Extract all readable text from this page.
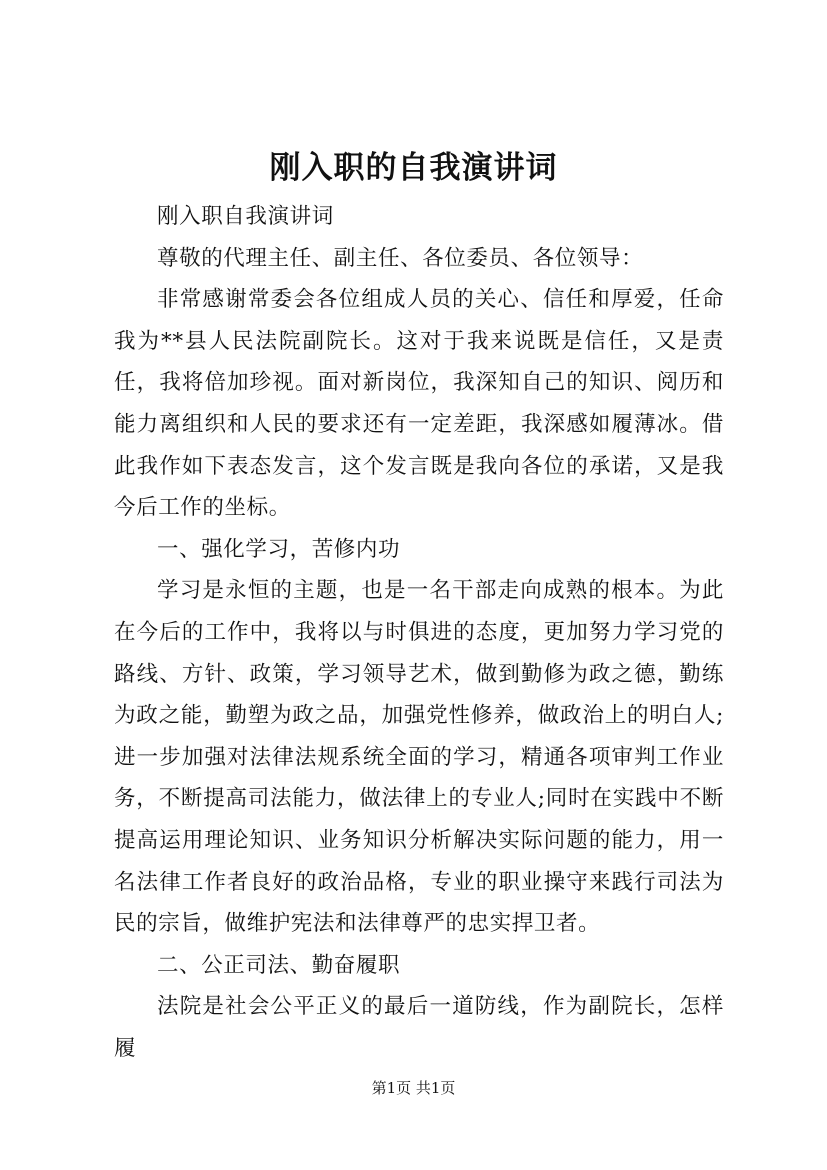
刚入职的自我演讲词

刚入职自我演讲词

尊敬的代理主任、副主任、各位委员、各位领导：

非常感谢常委会各位组成人员的关心、信任和厚爱，任命我为**县人民法院副院长。这对于我来说既是信任，又是责任，我将倍加珍视。面对新岗位，我深知自己的知识、阅历和能力离组织和人民的要求还有一定差距，我深感如履薄冰。借此我作如下表态发言，这个发言既是我向各位的承诺，又是我今后工作的坐标。

一、强化学习，苦修内功

学习是永恒的主题，也是一名干部走向成熟的根本。为此在今后的工作中，我将以与时俱进的态度，更加努力学习党的路线、方针、政策，学习领导艺术，做到勤修为政之德，勤练为政之能，勤塑为政之品，加强党性修养，做政治上的明白人;进一步加强对法律法规系统全面的学习，精通各项审判工作业务，不断提高司法能力，做法律上的专业人;同时在实践中不断提高运用理论知识、业务知识分析解决实际问题的能力，用一名法律工作者良好的政治品格，专业的职业操守来践行司法为民的宗旨，做维护宪法和法律尊严的忠实捍卫者。

二、公正司法、勤奋履职

法院是社会公平正义的最后一道防线，作为副院长，怎样履

第1页 共1页
